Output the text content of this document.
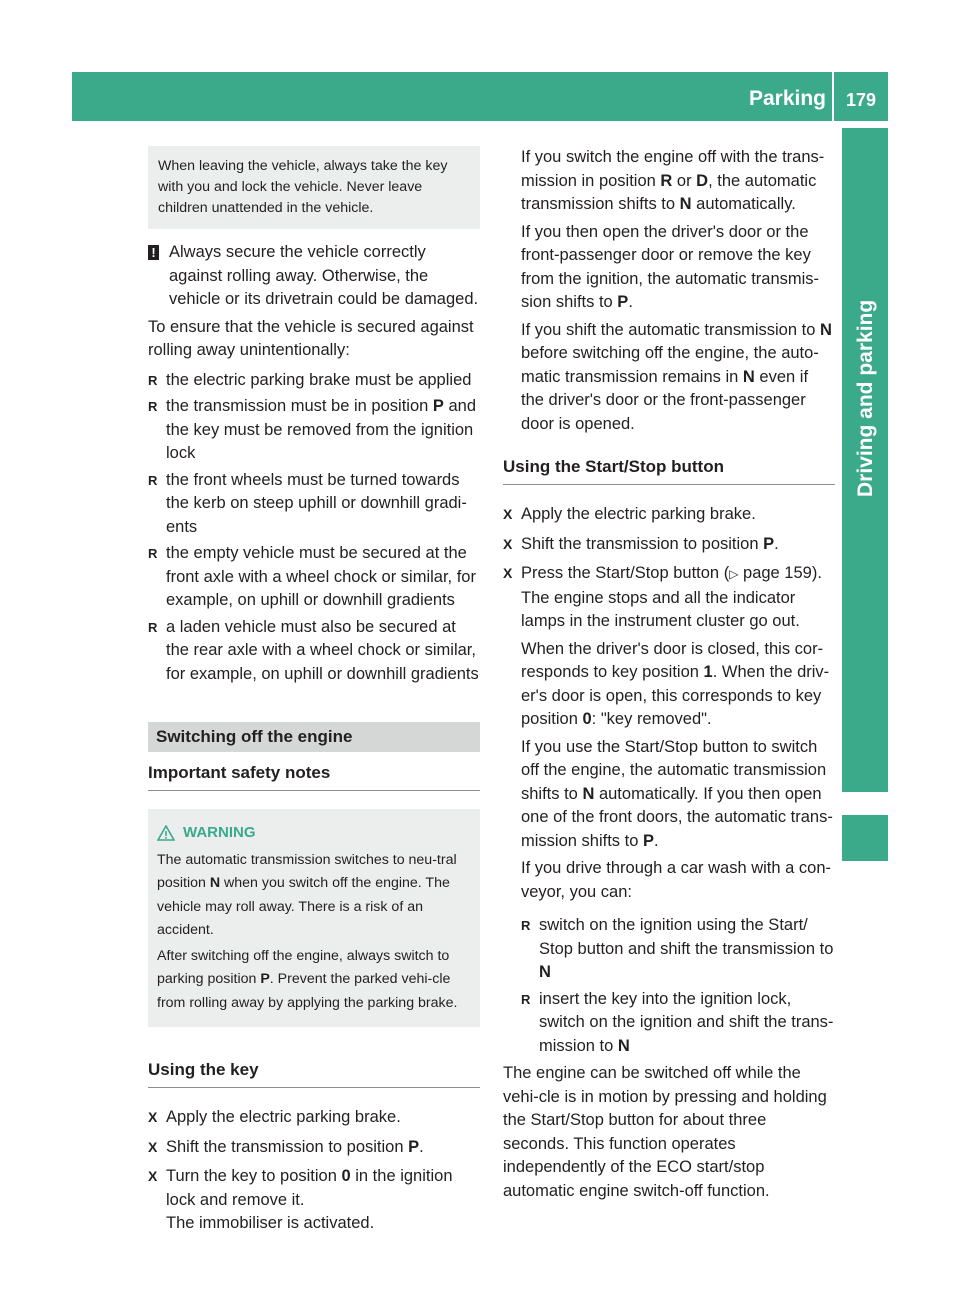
Parking	179
Driving and parking
When leaving the vehicle, always take the key with you and lock the vehicle. Never leave children unattended in the vehicle.
! Always secure the vehicle correctly against rolling away. Otherwise, the vehicle or its drivetrain could be damaged.

To ensure that the vehicle is secured against rolling away unintentionally:

R the electric parking brake must be applied
R the transmission must be in position P and the key must be removed from the ignition lock
R the front wheels must be turned towards the kerb on steep uphill or downhill gradi-ents
R the empty vehicle must be secured at the front axle with a wheel chock or similar, for example, on uphill or downhill gradients
R a laden vehicle must also be secured at the rear axle with a wheel chock or similar, for example, on uphill or downhill gradients
Switching off the engine
Important safety notes
WARNING

The automatic transmission switches to neu-tral position N when you switch off the engine. The vehicle may roll away. There is a risk of an accident.

After switching off the engine, always switch to parking position P. Prevent the parked vehi-cle from rolling away by applying the parking brake.

Using the key
X Apply the electric parking brake.
X Shift the transmission to position P.
X Turn the key to position 0 in the ignition lock and remove it.
The immobiliser is activated.

If you switch the engine off with the trans-mission in position R or D, the automatic transmission shifts to N automatically.

If you then open the driver's door or the front-passenger door or remove the key from the ignition, the automatic transmis-sion shifts to P.

If you shift the automatic transmission to N before switching off the engine, the auto-matic transmission remains in N even if the driver's door or the front-passenger door is opened.

Using the Start/Stop button
X Apply the electric parking brake.
X Shift the transmission to position P.
X Press the Start/Stop button (▷ page 159).
The engine stops and all the indicator lamps in the instrument cluster go out.

When the driver's door is closed, this cor-responds to key position 1. When the driv-er's door is open, this corresponds to key position 0: "key removed".

If you use the Start/Stop button to switch off the engine, the automatic transmission shifts to N automatically. If you then open one of the front doors, the automatic trans-mission shifts to P.

If you drive through a car wash with a con-veyor, you can:

R switch on the ignition using the Start/ Stop button and shift the transmission to
N
R insert the key into the ignition lock, switch on the ignition and shift the trans-mission to N

The engine can be switched off while the vehi-cle is in motion by pressing and holding the Start/Stop button for about three seconds. This function operates independently of the ECO start/stop automatic engine switch-off function.
